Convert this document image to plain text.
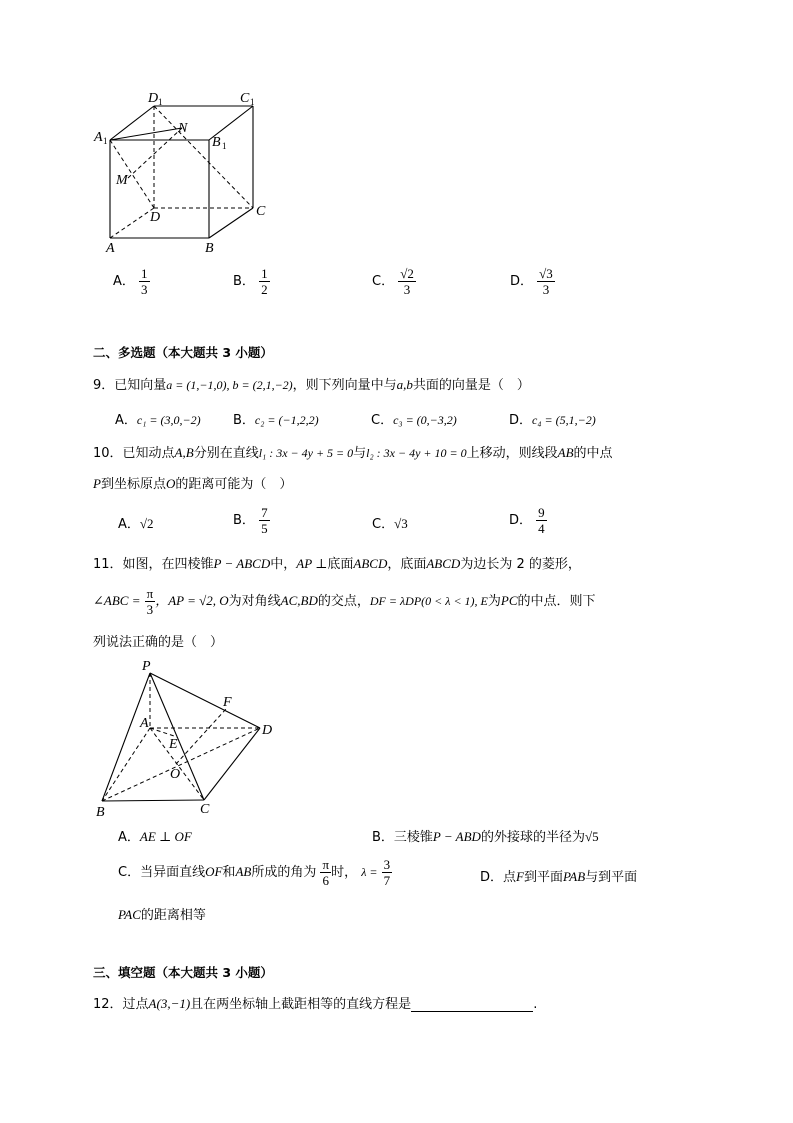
D 1	C 1
A 1	B 1
N
M
D	C
A	B
A． $\frac{1}{3}$	B． $\frac{1}{2}$	C． $\frac{√2}{3}$	D． $\frac{√3}{3}$
二、多选题（本大题共 3 小题）
9．已知向量a = (1,−1,0), b = (2,1,−2)，则下列向量中与a,b共面的向量是（　）
A．c₁ = (3,0,−2) B．c₂ = (−1,2,2)	C．c₃ = (0,−3,2)	D．c₄ = (5,1,−2)
10．已知动点A,B分别在直线l₁ : 3x − 4y + 5 = 0与l₂ : 3x − 4y + 10 = 0上移动，则线段AB的中点
P到坐标原点O的距离可能为（　）
A．√2	B． $\frac{7}{5}$	C．√3	D． $\frac{9}{4}$
11．如图，在四棱锥P − ABCD中，AP ⊥底面ABCD，底面ABCD为边长为 2 的菱形，
∠ABC = $\frac{\pi}{3}$ ，AP = √2, O为对角线AC,BD的交点，DF = λDP(0 < λ < 1), E为PC的中点．则下
列说法正确的是（　）
P
A
F
D
E
O
B	C
A．AE ⊥ OF	B．三棱锥P − ABD的外接球的半径为√5
C．当异面直线OF和AB所成的角为 $\frac{\pi}{6}$ 时， $\lambda = \frac{3}{7}$	D．点F到平面PAB与到平面
PAC的距离相等
三、填空题（本大题共 3 小题）
12．过点A(3,−1)且在两坐标轴上截距相等的直线方程是	.
